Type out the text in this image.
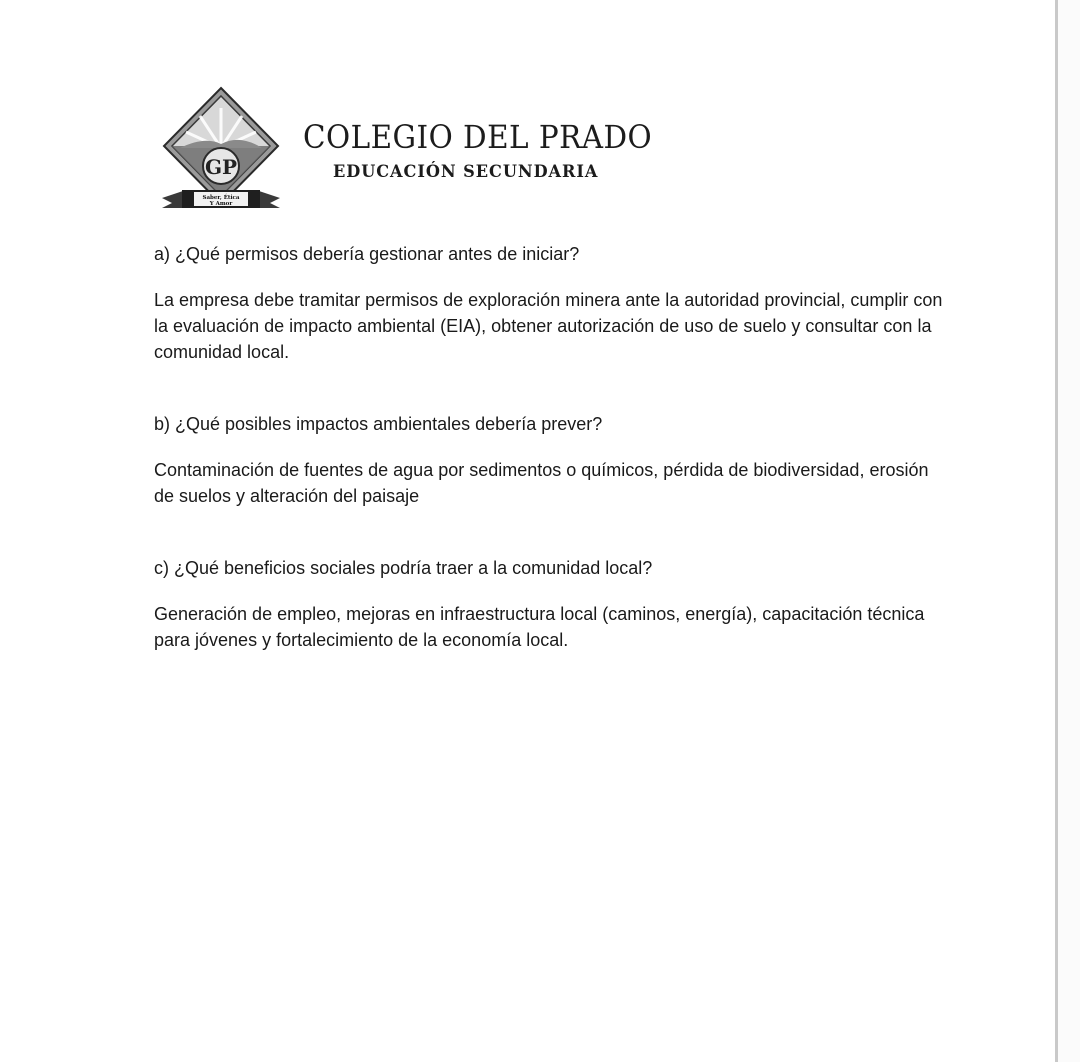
GP
Saber, Ética
Y Amor
COLEGIO DEL PRADO
EDUCACIÓN SECUNDARIA

a) ¿Qué permisos debería gestionar antes de iniciar?

La empresa debe tramitar permisos de exploración minera ante la autoridad provincial, cumplir con la evaluación de impacto ambiental (EIA), obtener autorización de uso de suelo y consultar con la comunidad local.

b) ¿Qué posibles impactos ambientales debería prever?

Contaminación de fuentes de agua por sedimentos o químicos, pérdida de biodiversidad, erosión de suelos y alteración del paisaje

c) ¿Qué beneficios sociales podría traer a la comunidad local?

Generación de empleo, mejoras en infraestructura local (caminos, energía), capacitación técnica para jóvenes y fortalecimiento de la economía local.
